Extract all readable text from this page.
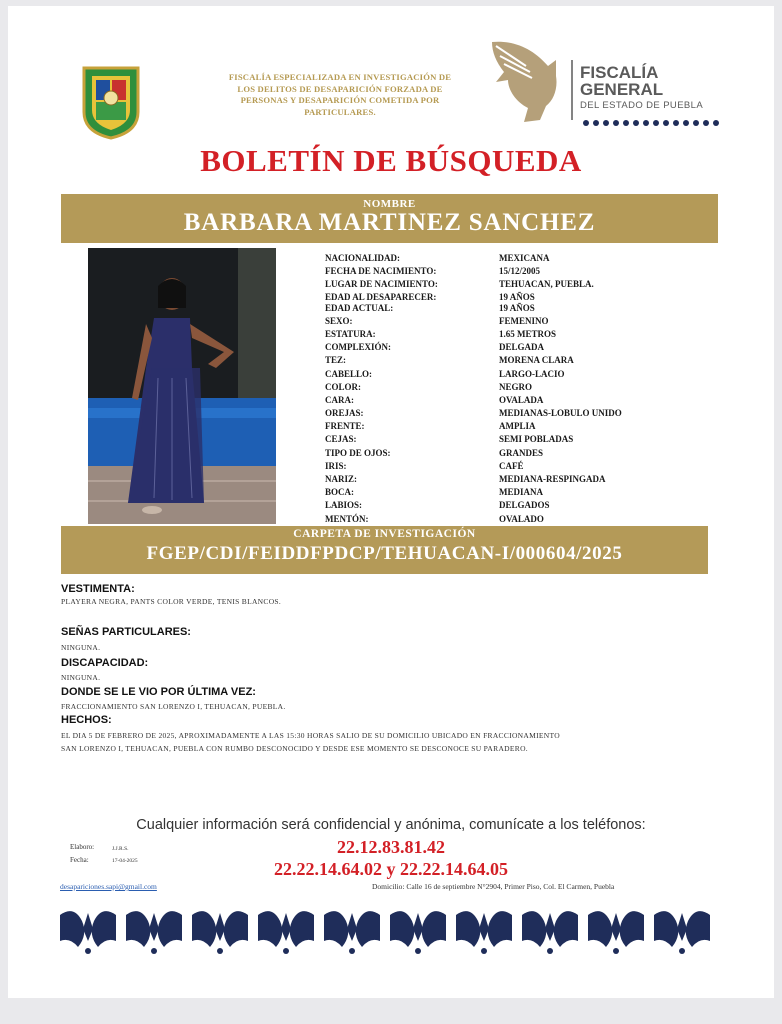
FISCALÍA ESPECIALIZADA EN INVESTIGACIÓN DE
LOS DELITOS DE DESAPARICIÓN FORZADA DE
PERSONAS Y DESAPARICIÓN COMETIDA POR
PARTICULARES.
FISCALÍA
GENERAL
DEL ESTADO DE PUEBLA
BOLETÍN DE BÚSQUEDA
NOMBRE
BARBARA MARTINEZ SANCHEZ
NACIONALIDAD:	MEXICANA
FECHA DE NACIMIENTO:	15/12/2005
LUGAR DE NACIMIENTO:	TEHUACAN, PUEBLA.
EDAD AL DESAPARECER:	19 AÑOS
EDAD ACTUAL:	19 AÑOS
SEXO:	FEMENINO
ESTATURA:	1.65 METROS
COMPLEXIÓN:	DELGADA
TEZ:	MORENA CLARA
CABELLO:	LARGO-LACIO
COLOR:	NEGRO
CARA:	OVALADA
OREJAS:	MEDIANAS-LOBULO UNIDO
FRENTE:	AMPLIA
CEJAS:	SEMI POBLADAS
TIPO DE OJOS:	GRANDES
IRIS:	CAFÉ
NARIZ:	MEDIANA-RESPINGADA
BOCA:	MEDIANA
LABIOS:	DELGADOS
MENTÓN:	OVALADO
CARPETA DE INVESTIGACIÓN
FGEP/CDI/FEIDDFPDCP/TEHUACAN-I/000604/2025
VESTIMENTA:
PLAYERA NEGRA, PANTS COLOR VERDE, TENIS BLANCOS.
SEÑAS PARTICULARES:
NINGUNA.
DISCAPACIDAD:
NINGUNA.
DONDE SE LE VIO POR ÚLTIMA VEZ:
FRACCIONAMIENTO SAN LORENZO I, TEHUACAN, PUEBLA.
HECHOS:
EL DIA 5 DE FEBRERO DE 2025, APROXIMADAMENTE A LAS 15:30 HORAS SALIO DE SU DOMICILIO UBICADO EN FRACCIONAMIENTO
SAN LORENZO I, TEHUACAN, PUEBLA CON RUMBO DESCONOCIDO Y DESDE ESE MOMENTO SE DESCONOCE SU PARADERO.
Cualquier información será confidencial y anónima, comunícate a los teléfonos:
22.12.83.81.42
22.22.14.64.02 y 22.22.14.64.05
Elaboro:	J.J.R.S.
Fecha:	17-04-2025
desapariciones.sapi@gmail.com	Domicilio: Calle 16 de septiembre N°2904, Primer Piso, Col. El Carmen, Puebla
